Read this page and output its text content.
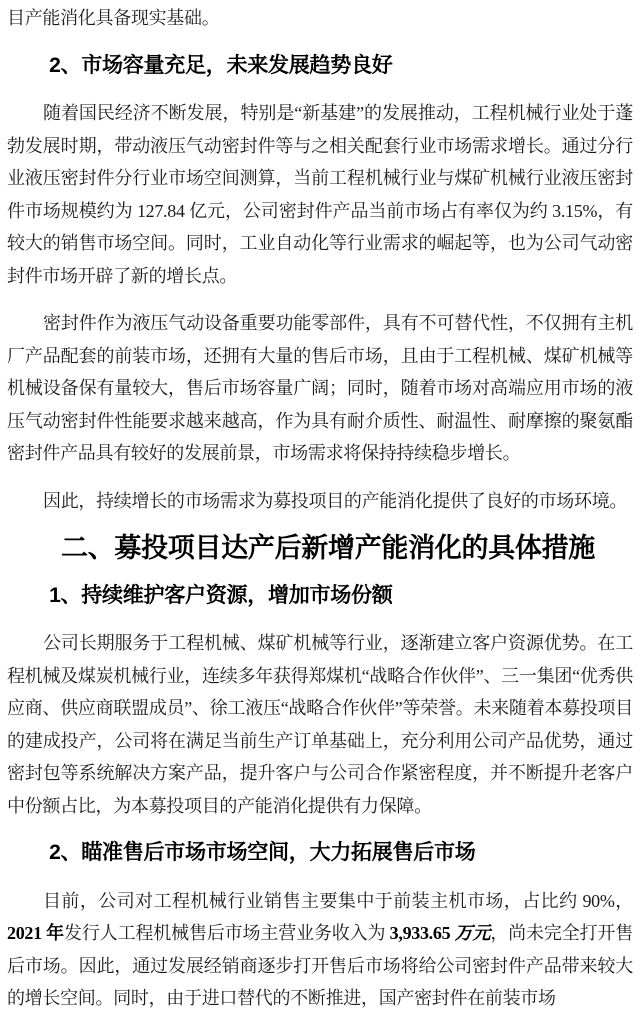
目产能消化具备现实基础。

2、市场容量充足，未来发展趋势良好

随着国民经济不断发展，特别是“新基建”的发展推动，工程机械行业处于蓬勃发展时期，带动液压气动密封件等与之相关配套行业市场需求增长。通过分行业液压密封件分行业市场空间测算，当前工程机械行业与煤矿机械行业液压密封件市场规模约为 127.84 亿元，公司密封件产品当前市场占有率仅为约 3.15%，有较大的销售市场空间。同时，工业自动化等行业需求的崛起等，也为公司气动密封件市场开辟了新的增长点。

密封件作为液压气动设备重要功能零部件，具有不可替代性，不仅拥有主机厂产品配套的前装市场，还拥有大量的售后市场，且由于工程机械、煤矿机械等机械设备保有量较大，售后市场容量广阔；同时，随着市场对高端应用市场的液压气动密封件性能要求越来越高，作为具有耐介质性、耐温性、耐摩擦的聚氨酯密封件产品具有较好的发展前景，市场需求将保持持续稳步增长。

因此，持续增长的市场需求为募投项目的产能消化提供了良好的市场环境。

二、募投项目达产后新增产能消化的具体措施
1、持续维护客户资源，增加市场份额

公司长期服务于工程机械、煤矿机械等行业，逐渐建立客户资源优势。在工程机械及煤炭机械行业，连续多年获得郑煤机“战略合作伙伴”、三一集团“优秀供应商、供应商联盟成员”、徐工液压“战略合作伙伴”等荣誉。未来随着本募投项目的建成投产，公司将在满足当前生产订单基础上，充分利用公司产品优势，通过密封包等系统解决方案产品，提升客户与公司合作紧密程度，并不断提升老客户中份额占比，为本募投项目的产能消化提供有力保障。

2、瞄准售后市场市场空间，大力拓展售后市场

目前，公司对工程机械行业销售主要集中于前装主机市场，占比约 90%，2021 年发行人工程机械售后市场主营业务收入为 3,933.65 万元，尚未完全打开售后市场。因此，通过发展经销商逐步打开售后市场将给公司密封件产品带来较大的增长空间。同时，由于进口替代的不断推进，国产密封件在前装市场
